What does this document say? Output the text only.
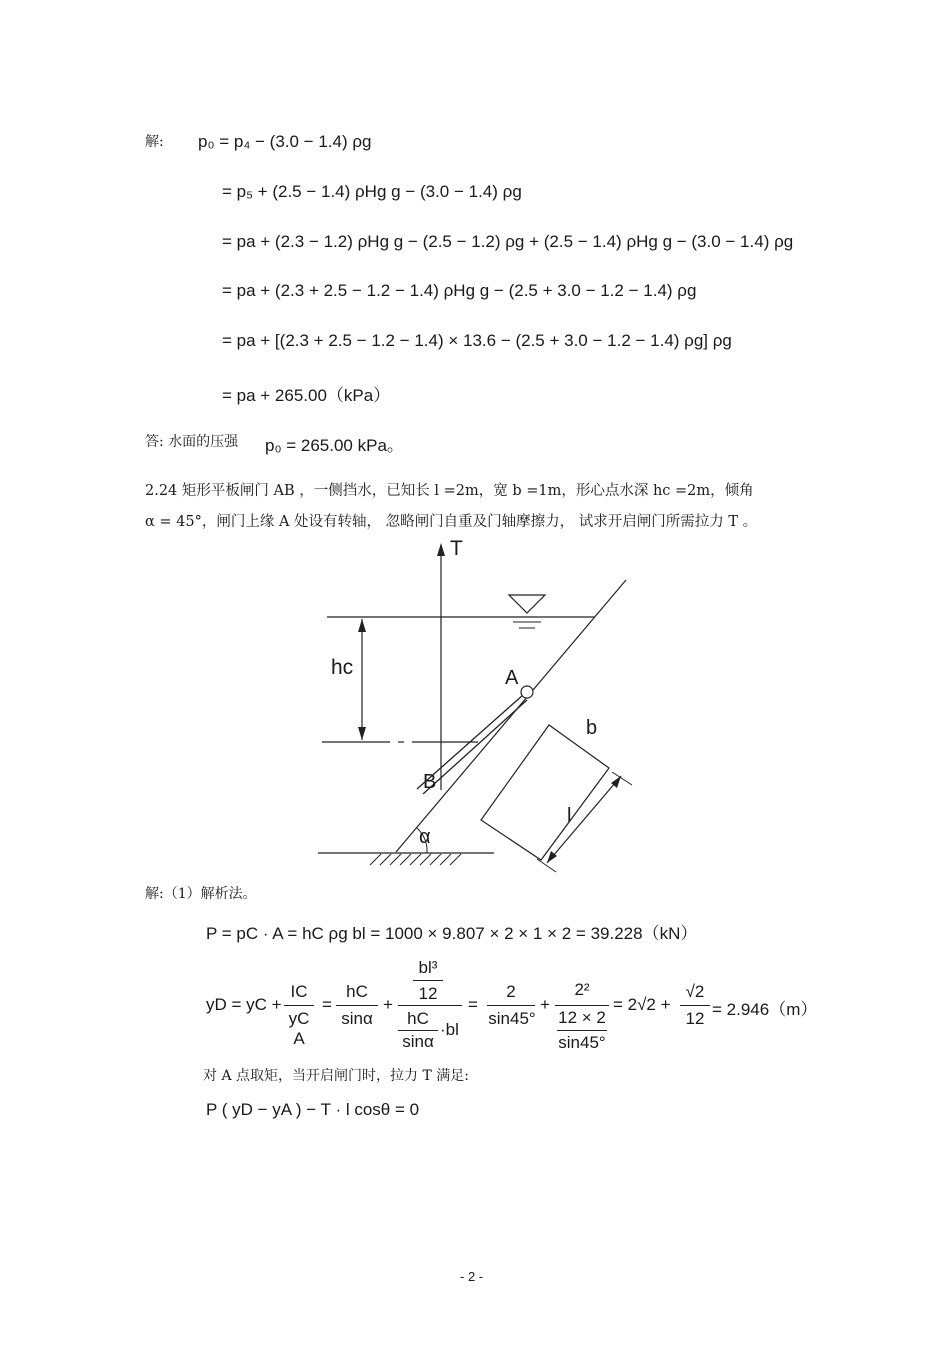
解: p₀ = p₄ − (3.0 − 1.4) ρg
= p₅ + (2.5 − 1.4) ρHg g − (3.0 − 1.4) ρg
= pa + (2.3 − 1.2) ρHg g − (2.5 − 1.2) ρg + (2.5 − 1.4) ρHg g − (3.0 − 1.4) ρg
= pa + (2.3 + 2.5 − 1.2 − 1.4) ρHg g − (2.5 + 3.0 − 1.2 − 1.4) ρg
= pa + [(2.3 + 2.5 − 1.2 − 1.4) × 13.6 − (2.5 + 3.0 − 1.2 − 1.4) ρg] ρg
= pa + 265.00（kPa）
答: 水面的压强 p₀ = 265.00 kPa。
2.24 矩形平板闸门 AB ，一侧挡水，已知长 l =2m，宽 b =1m，形心点水深 hc =2m，倾角
α = 45°，闸门上缘 A 处设有转轴， 忽略闸门自重及门轴摩擦力， 试求开启闸门所需拉力 T 。
T
hc	A
B
b
l
α
解:（1）解析法。
P = pC · A = hC ρg bl = 1000 × 9.807 × 2 × 1 × 2 = 39.228（kN）
yD = yC +
IC
yC A
=
hC
sinα
+
bl³
12
hC
sinα
·bl
=
2
sin45°
+
2²
12 × 2
sin45°
= 2√2 +
√2
12 = 2.946（m）
对 A 点取矩，当开启闸门时，拉力 T 满足:
P ( yD − yA ) − T · l cosθ = 0
- 2 -
